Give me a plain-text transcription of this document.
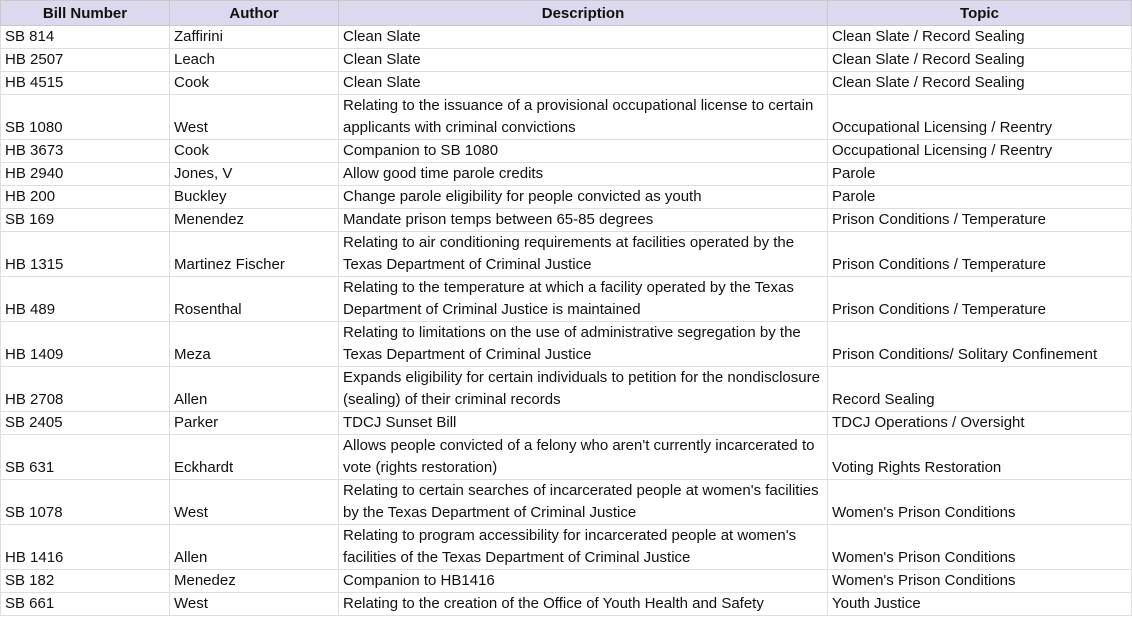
Bill Number	Author	Description	Topic
SB 814	Zaffirini	Clean Slate	Clean Slate / Record Sealing
HB 2507	Leach	Clean Slate	Clean Slate / Record Sealing
HB 4515	Cook	Clean Slate	Clean Slate / Record Sealing
SB 1080	West	Relating to the issuance of a provisional occupational license to certain applicants with criminal convictions	Occupational Licensing / Reentry
HB 3673	Cook	Companion to SB 1080	Occupational Licensing / Reentry
HB 2940	Jones, V	Allow good time parole credits	Parole
HB 200	Buckley	Change parole eligibility for people convicted as youth	Parole
SB 169	Menendez	Mandate prison temps between 65-85 degrees	Prison Conditions / Temperature
HB 1315	Martinez Fischer	Relating to air conditioning requirements at facilities operated by the Texas Department of Criminal Justice	Prison Conditions / Temperature
HB 489	Rosenthal	Relating to the temperature at which a facility operated by the Texas Department of Criminal Justice is maintained	Prison Conditions / Temperature
HB 1409	Meza	Relating to limitations on the use of administrative segregation by the Texas Department of Criminal Justice	Prison Conditions/ Solitary Confinement
HB 2708	Allen	Expands eligibility for certain individuals to petition for the nondisclosure (sealing) of their criminal records	Record Sealing
SB 2405	Parker	TDCJ Sunset Bill	TDCJ Operations / Oversight
SB 631	Eckhardt	Allows people convicted of a felony who aren't currently incarcerated to vote (rights restoration)	Voting Rights Restoration
SB 1078	West	Relating to certain searches of incarcerated people at women's facilities by the Texas Department of Criminal Justice	Women's Prison Conditions
HB 1416	Allen	Relating to program accessibility for incarcerated people at women's facilities of the Texas Department of Criminal Justice	Women's Prison Conditions
SB 182	Menedez	Companion to HB1416	Women's Prison Conditions
SB 661	West	Relating to the creation of the Office of Youth Health and Safety	Youth Justice
